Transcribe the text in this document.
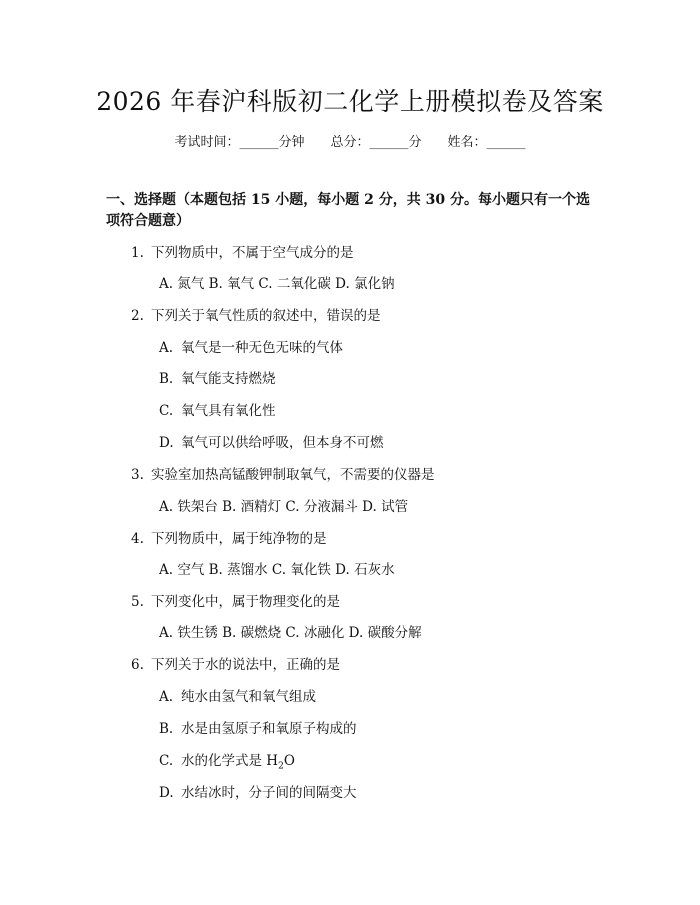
2026 年春沪科版初二化学上册模拟卷及答案
考试时间：______分钟 总分：______分 姓名：______
一、选择题（本题包括 15 小题，每小题 2 分，共 30 分。每小题只有一个选项符合题意）
1. 下列物质中，不属于空气成分的是
A. 氮气 B. 氧气 C. 二氧化碳 D. 氯化钠
2. 下列关于氧气性质的叙述中，错误的是
A. 氧气是一种无色无味的气体
B. 氧气能支持燃烧
C. 氧气具有氧化性
D. 氧气可以供给呼吸，但本身不可燃
3. 实验室加热高锰酸钾制取氧气，不需要的仪器是
A. 铁架台 B. 酒精灯 C. 分液漏斗 D. 试管
4. 下列物质中，属于纯净物的是
A. 空气 B. 蒸馏水 C. 氧化铁 D. 石灰水
5. 下列变化中，属于物理变化的是
A. 铁生锈 B. 碳燃烧 C. 冰融化 D. 碳酸分解
6. 下列关于水的说法中，正确的是
A. 纯水由氢气和氧气组成
B. 水是由氢原子和氧原子构成的
C. 水的化学式是 $H_2O$
D. 水结冰时，分子间的间隔变大
